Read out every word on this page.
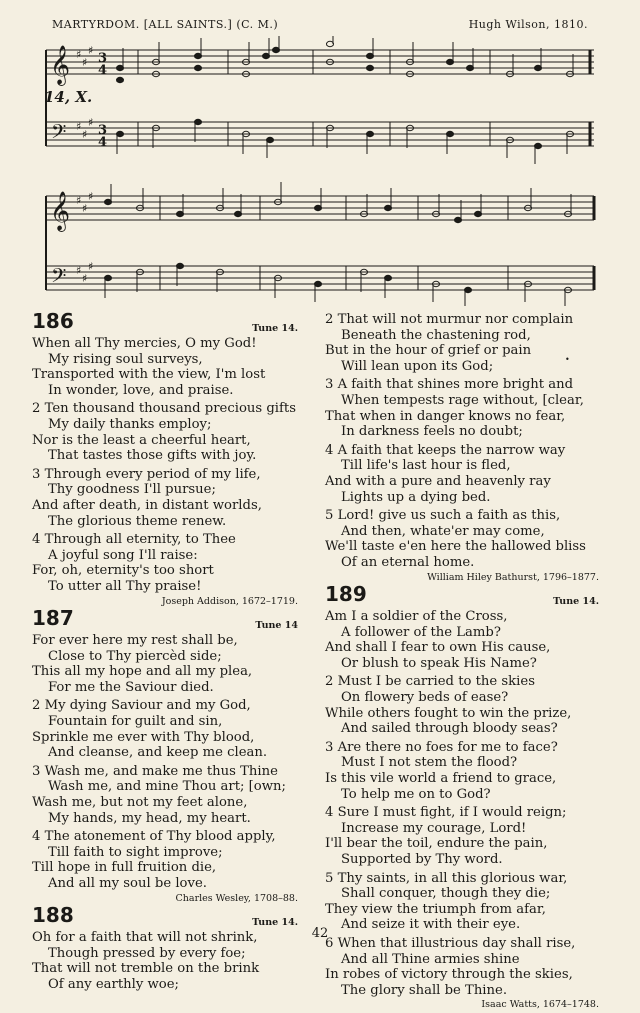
MARTYRDOM. [ALL SAINTS.] (C. M.)	Hugh Wilson, 1810.
𝄞
𝄢
𝄞
𝄢
♯
♯
♯
♯
♯
♯
♯
♯
♯
♯
♯
♯
3
4
3
4
14, X.
186	Tune 14.
When all Thy mercies, O my God!
My rising soul surveys,
Transported with the view, I'm lost
In wonder, love, and praise.
2 Ten thousand thousand precious gifts
My daily thanks employ;
Nor is the least a cheerful heart,
That tastes those gifts with joy.
3 Through every period of my life,
Thy goodness I'll pursue;
And after death, in distant worlds,
The glorious theme renew.
4 Through all eternity, to Thee
A joyful song I'll raise:
For, oh, eternity's too short
To utter all Thy praise!
Joseph Addison, 1672–1719.
187	Tune 14
For ever here my rest shall be,
Close to Thy piercèd side;
This all my hope and all my plea,
For me the Saviour died.
2 My dying Saviour and my God,
Fountain for guilt and sin,
Sprinkle me ever with Thy blood,
And cleanse, and keep me clean.
3 Wash me, and make me thus Thine
Wash me, and mine Thou art; [own;
Wash me, but not my feet alone,
My hands, my head, my heart.
4 The atonement of Thy blood apply,
Till faith to sight improve;
Till hope in full fruition die,
And all my soul be love.
Charles Wesley, 1708–88.
188	Tune 14.
Oh for a faith that will not shrink,
Though pressed by every foe;
That will not tremble on the brink
Of any earthly woe;
2 That will not murmur nor complain
Beneath the chastening rod,
But in the hour of grief or pain
Will lean upon its God;
3 A faith that shines more bright and
When tempests rage without, [clear,
That when in danger knows no fear,
In darkness feels no doubt;
4 A faith that keeps the narrow way
Till life's last hour is fled,
And with a pure and heavenly ray
Lights up a dying bed.
5 Lord! give us such a faith as this,
And then, whate'er may come,
We'll taste e'en here the hallowed bliss
Of an eternal home.
William Hiley Bathurst, 1796–1877.
189	Tune 14.
Am I a soldier of the Cross,
A follower of the Lamb?
And shall I fear to own His cause,
Or blush to speak His Name?
2 Must I be carried to the skies
On flowery beds of ease?
While others fought to win the prize,
And sailed through bloody seas?
3 Are there no foes for me to face?
Must I not stem the flood?
Is this vile world a friend to grace,
To help me on to God?
4 Sure I must fight, if I would reign;
Increase my courage, Lord!
I'll bear the toil, endure the pain,
Supported by Thy word.
5 Thy saints, in all this glorious war,
Shall conquer, though they die;
They view the triumph from afar,
And seize it with their eye.
6 When that illustrious day shall rise,
And all Thine armies shine
In robes of victory through the skies,
The glory shall be Thine.
Isaac Watts, 1674–1748.
•
42
